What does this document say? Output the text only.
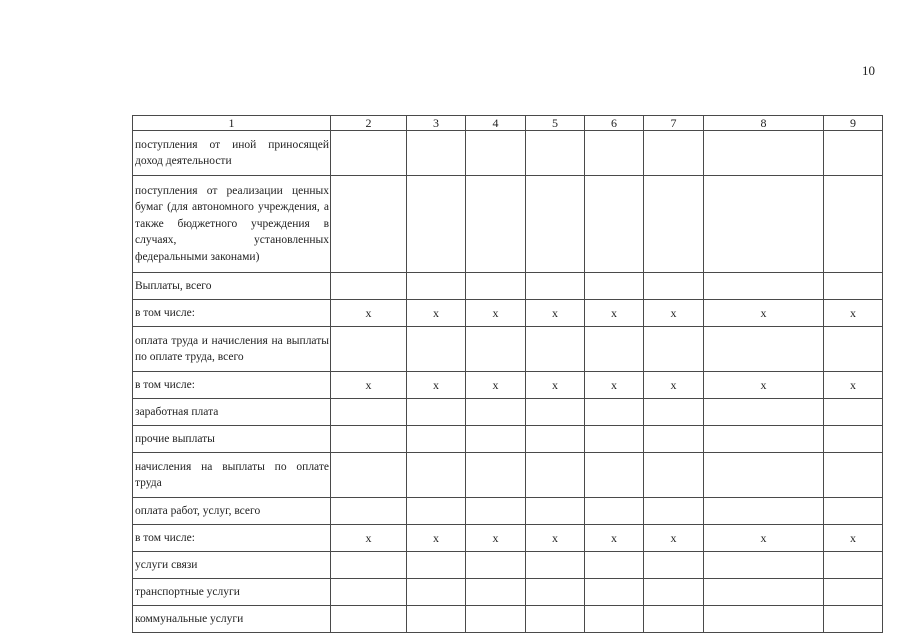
10
1	2	3	4	5	6	7	8	9
поступления от иной приносящей доход деятельности								
поступления от реализации ценных бумаг (для автономного учреждения, а также бюджетного учреждения в случаях, установленных федеральными законами)								
Выплаты, всего								
в том числе:	х	х	х	х	х	х	х	х
оплата труда и начисления на выплаты по оплате труда, всего								
в том числе:	х	х	х	х	х	х	х	х
заработная плата								
прочие выплаты								
начисления на выплаты по оплате труда								
оплата работ, услуг, всего								
в том числе:	х	х	х	х	х	х	х	х
услуги связи								
транспортные услуги								
коммунальные услуги								
